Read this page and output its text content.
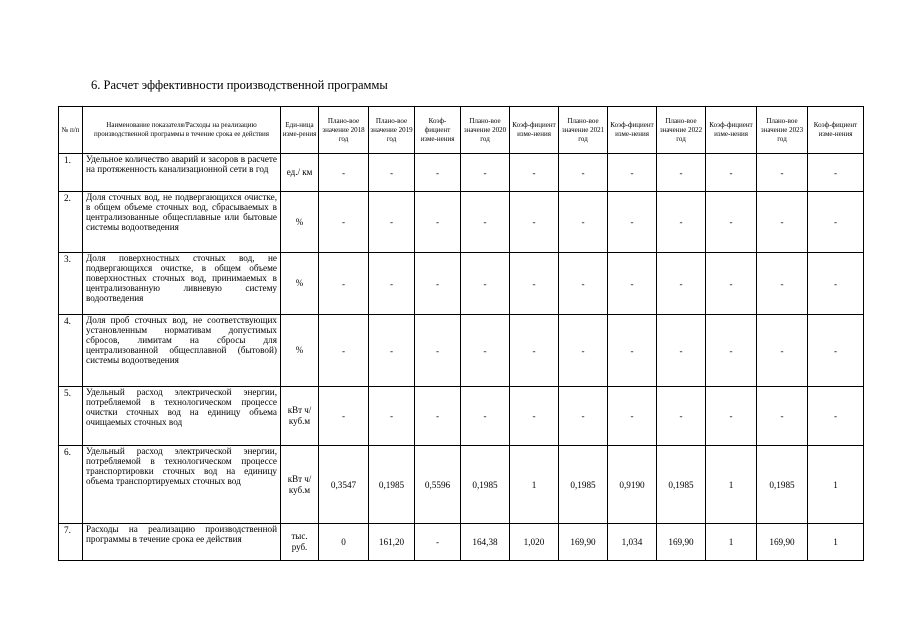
6. Расчет эффективности производственной программы
№ п/п	Наименование показателя/Расходы на реализацию производственной программы в течение срока ее действия	Еди-ница изме-рения	Плано-вое значение 2018 год	Плано-вое значение 2019 год	Коэф-фициент изме-нения	Плано-вое значение 2020 год	Коэф-фициент изме-нения	Плано-вое значение 2021 год	Коэф-фициент изме-нения	Плано-вое значение 2022 год	Коэф-фициент изме-нения	Плано-вое значение 2023 год	Коэф-фициент изме-нения
1.	Удельное количество аварий и засоров в расчете на протяженность канализационной сети в год	ед./ км	-	-	-	-	-	-	-	-	-	-	-
2.	Доля сточных вод, не подвергающихся очистке, в общем объеме сточных вод, сбрасываемых в централизованные общесплавные или бытовые системы водоотведения	%	-	-	-	-	-	-	-	-	-	-	-
3.	Доля поверхностных сточных вод, не подвергающихся очистке, в общем объеме поверхностных сточных вод, принимаемых в централизованную ливневую систему водоотведения	%	-	-	-	-	-	-	-	-	-	-	-
4.	Доля проб сточных вод, не соответствующих установленным нормативам допустимых сбросов, лимитам на сбросы для централизованной общесплавной (бытовой) системы водоотведения	%	-	-	-	-	-	-	-	-	-	-	-
5.	Удельный расход электрической энергии, потребляемой в технологическом процессе очистки сточных вод на единицу объема очищаемых сточных вод	кВт ч/куб.м	-	-	-	-	-	-	-	-	-	-	-
6.	Удельный расход электрической энергии, потребляемой в технологическом процессе транспортировки сточных вод на единицу объема транспортируемых сточных вод	кВт ч/куб.м	0,3547	0,1985	0,5596	0,1985	1	0,1985	0,9190	0,1985	1	0,1985	1
7.	Расходы на реализацию производственной программы в течение срока ее действия	тыс. руб.	0	161,20	-	164,38	1,020	169,90	1,034	169,90	1	169,90	1
